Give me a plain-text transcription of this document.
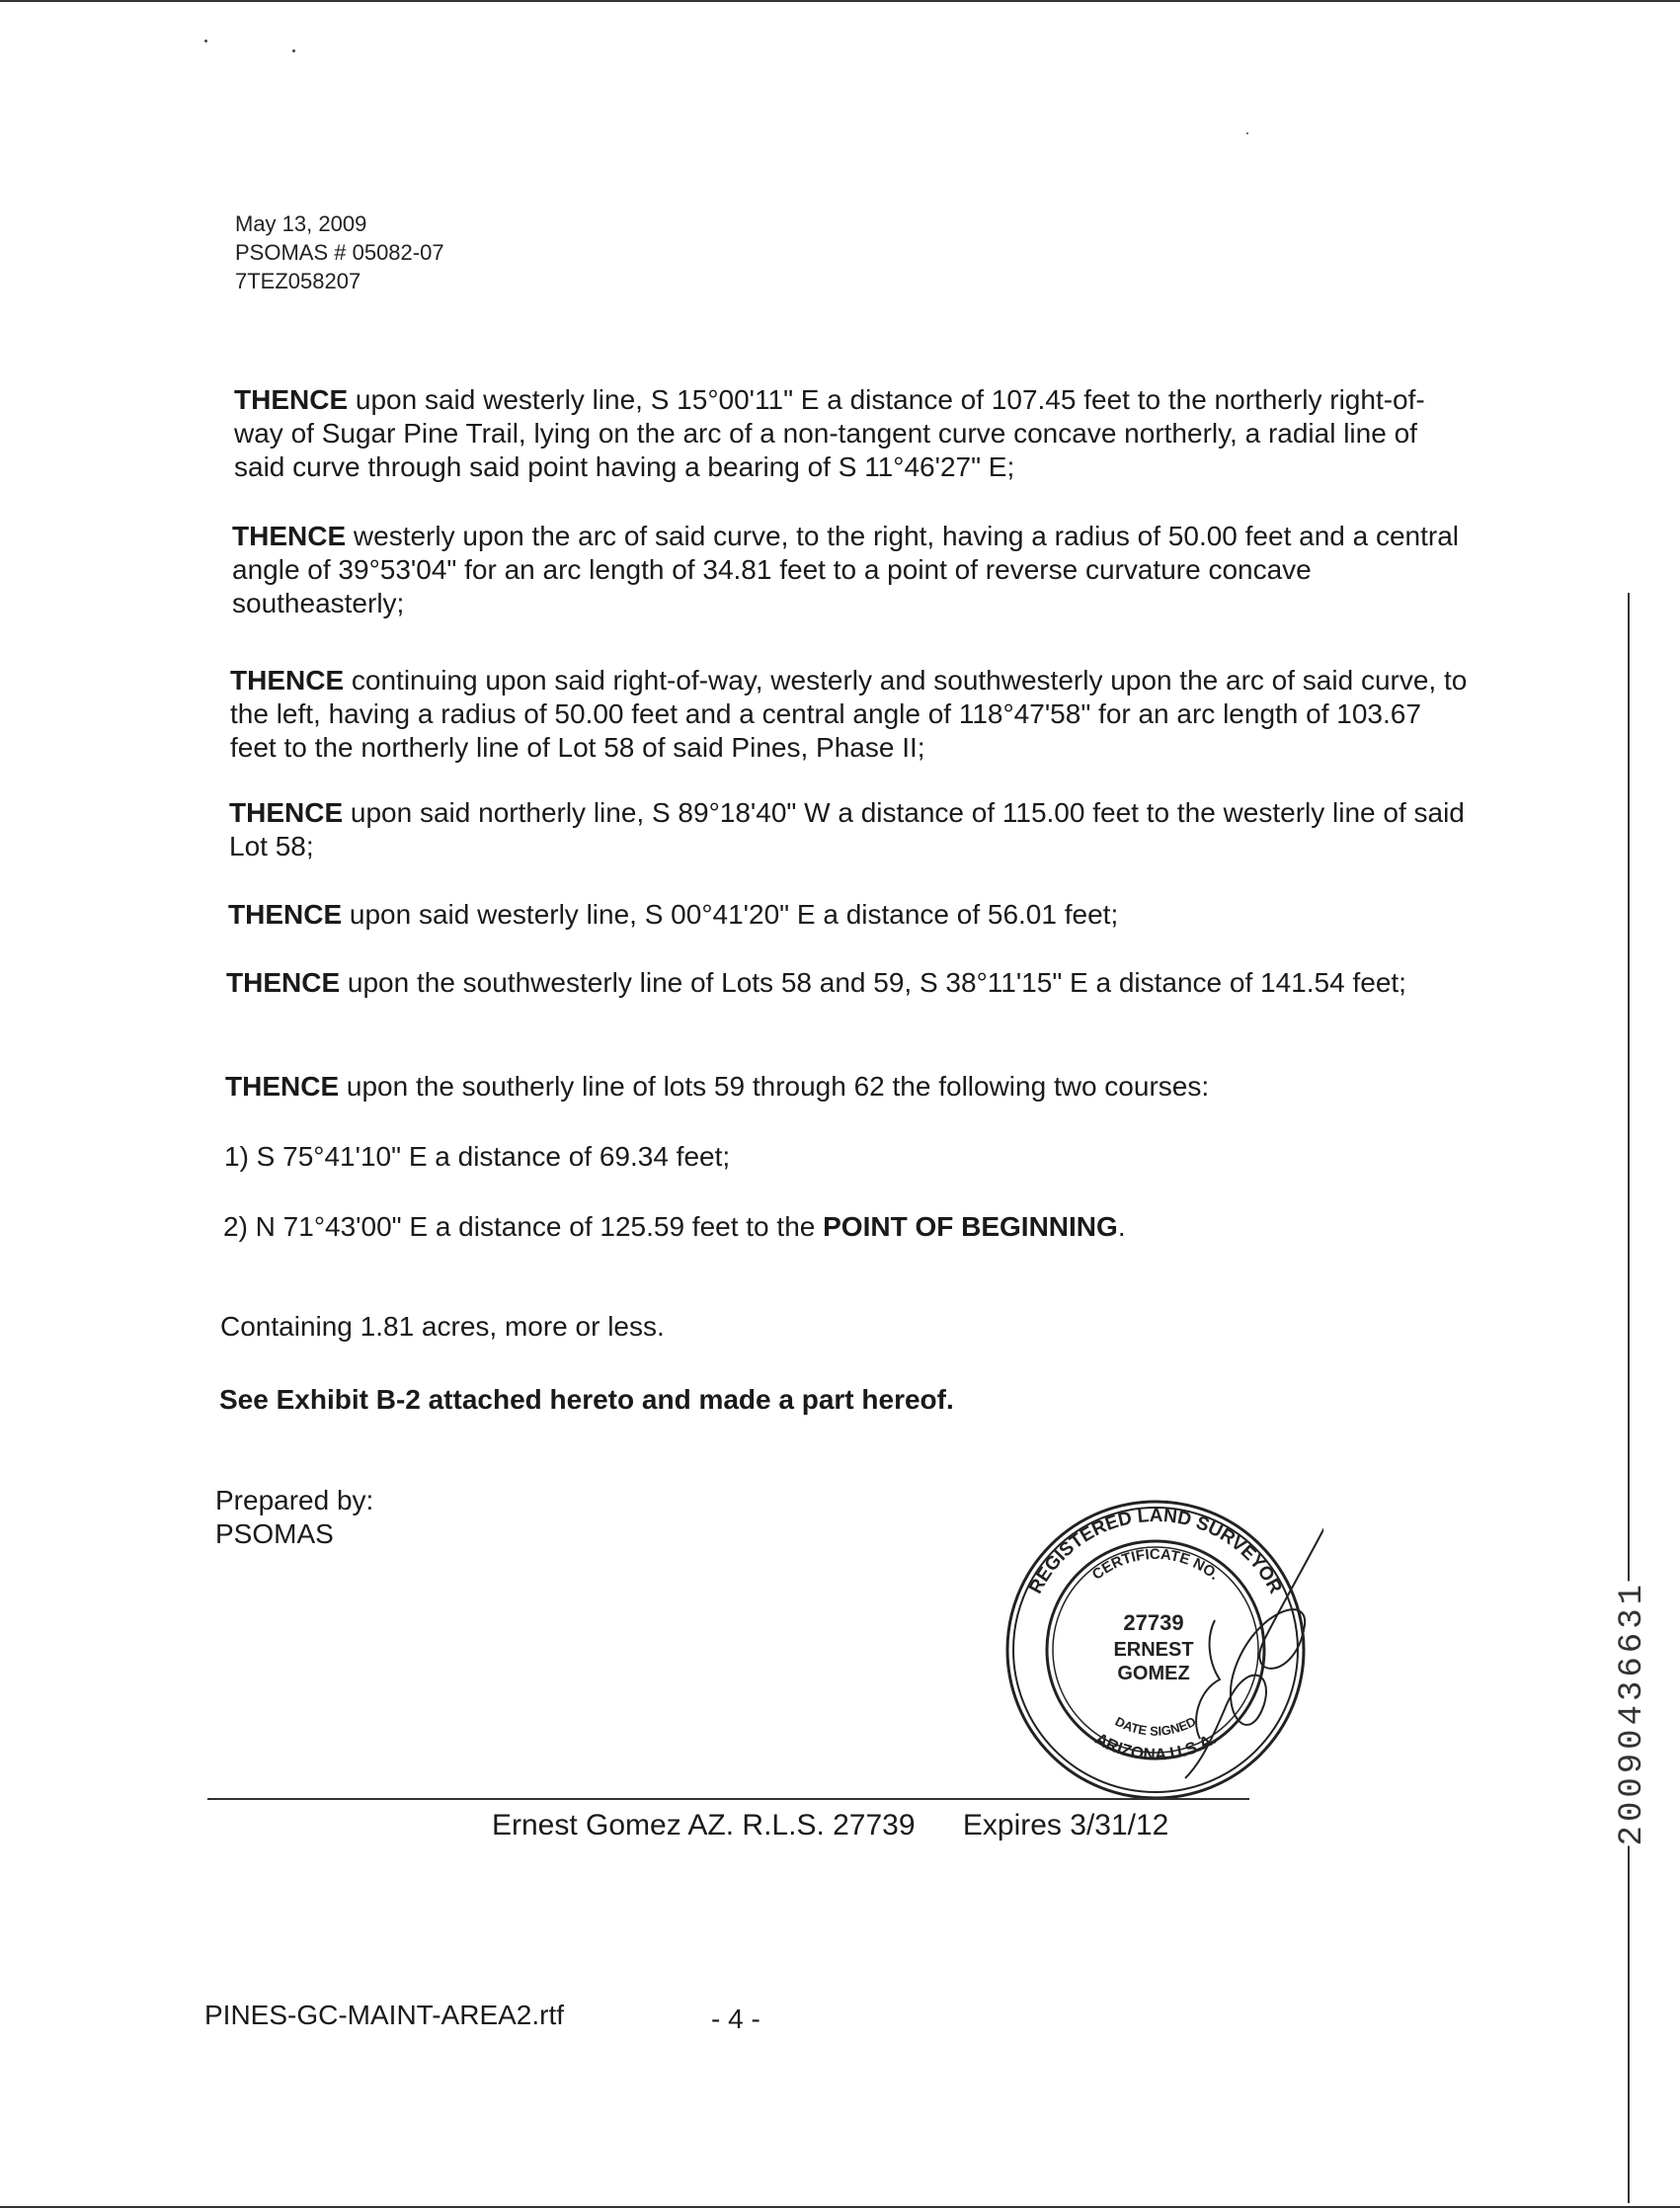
May 13, 2009
PSOMAS # 05082-07
7TEZ058207
THENCE upon said westerly line, S 15°00'11" E a distance of 107.45 feet to the northerly right-of-way of Sugar Pine Trail, lying on the arc of a non-tangent curve concave northerly, a radial line of said curve through said point having a bearing of S 11°46'27" E;
THENCE westerly upon the arc of said curve, to the right, having a radius of 50.00 feet and a central angle of 39°53'04" for an arc length of 34.81 feet to a point of reverse curvature concave southeasterly;
THENCE continuing upon said right-of-way, westerly and southwesterly upon the arc of said curve, to the left, having a radius of 50.00 feet and a central angle of 118°47'58" for an arc length of 103.67 feet to the northerly line of Lot 58 of said Pines, Phase II;
THENCE upon said northerly line, S 89°18'40" W a distance of 115.00 feet to the westerly line of said Lot 58;
THENCE upon said westerly line, S 00°41'20" E a distance of 56.01 feet;
THENCE upon the southwesterly line of Lots 58 and 59, S 38°11'15" E a distance of 141.54 feet;
THENCE upon the southerly line of lots 59 through 62 the following two courses:
1) S 75°41'10" E a distance of 69.34 feet;
2) N 71°43'00" E a distance of 125.59 feet to the POINT OF BEGINNING.
Containing 1.81 acres, more or less.
See Exhibit B-2 attached hereto and made a part hereof.
Prepared by:
PSOMAS
REGISTERED LAND SURVEYOR
CERTIFICATE NO.
ARIZONA U.S.A.
DATE SIGNED
27739
ERNEST
GOMEZ
Ernest Gomez AZ. R.L.S. 27739 Expires 3/31/12
PINES-GC-MAINT-AREA2.rtf	- 4 -
20090436631
